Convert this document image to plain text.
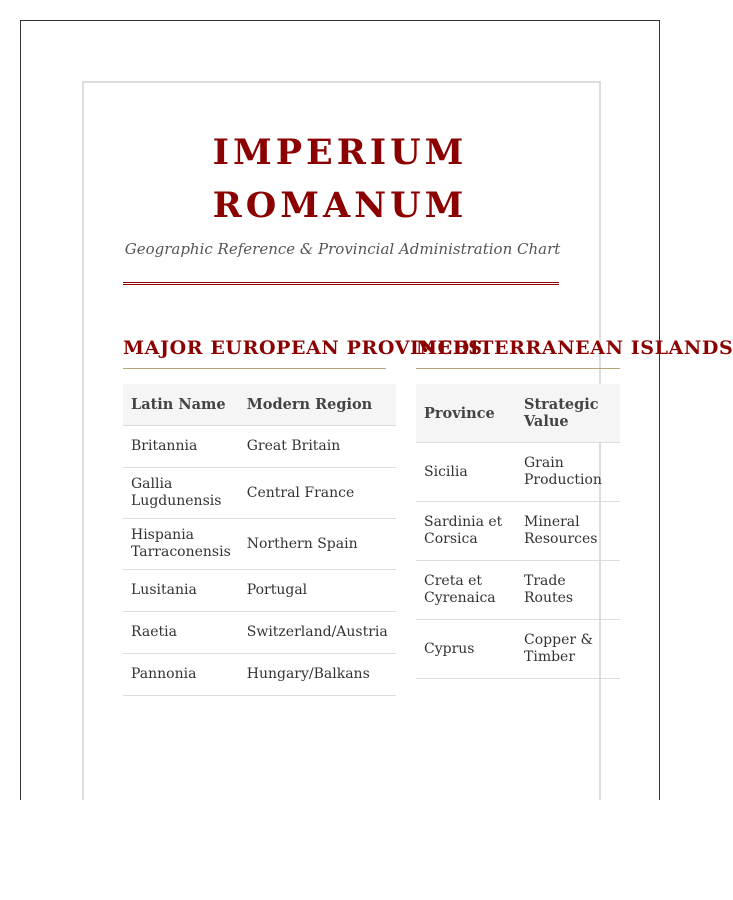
IMPERIUM ROMANUM

Geographic Reference & Provincial Administration Chart

MAJOR EUROPEAN PROVINCES
Latin Name	Modern Region
Britannia	Great Britain
Gallia Lugdunensis	Central France
Hispania Tarraconensis	Northern Spain
Lusitania	Portugal
Raetia	Switzerland/Austria
Pannonia	Hungary/Balkans
MEDITERRANEAN ISLANDS
Province	Strategic Value
Sicilia	Grain Production
Sardinia et Corsica	Mineral Resources
Creta et Cyrenaica	Trade Routes
Cyprus	Copper & Timber
